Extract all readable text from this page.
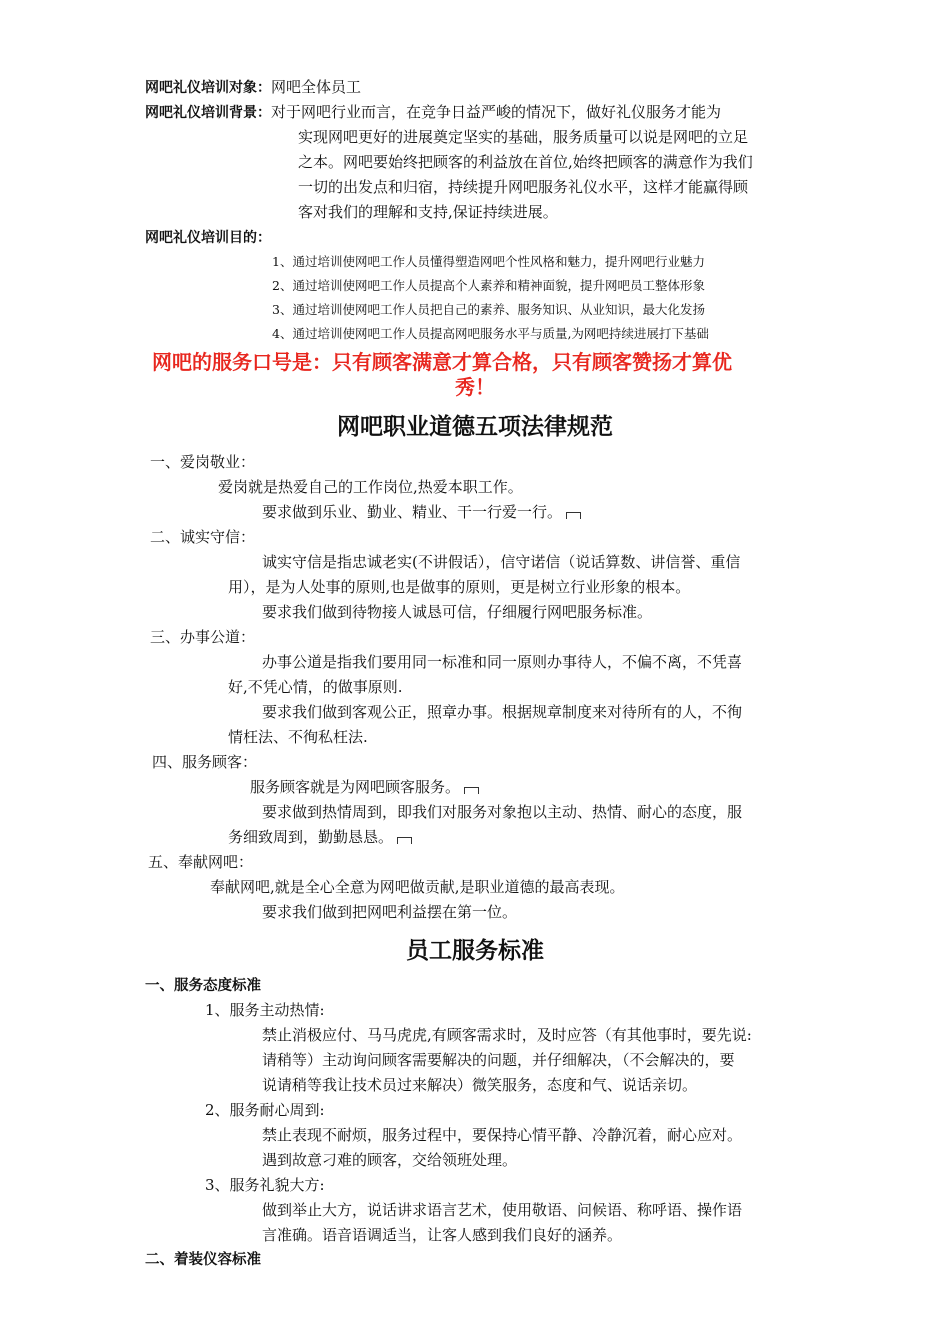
网吧礼仪培训对象：网吧全体员工
网吧礼仪培训背景：对于网吧行业而言，在竞争日益严峻的情况下，做好礼仪服务才能为
实现网吧更好的进展奠定坚实的基础，服务质量可以说是网吧的立足
之本。网吧要始终把顾客的利益放在首位,始终把顾客的满意作为我们
一切的出发点和归宿，持续提升网吧服务礼仪水平，这样才能赢得顾
客对我们的理解和支持,保证持续进展。
网吧礼仪培训目的：
1、通过培训使网吧工作人员懂得塑造网吧个性风格和魅力，提升网吧行业魅力
2、通过培训使网吧工作人员提高个人素养和精神面貌，提升网吧员工整体形象
3、通过培训使网吧工作人员把自己的素养、服务知识、从业知识，最大化发扬
4、通过培训使网吧工作人员提高网吧服务水平与质量,为网吧持续进展打下基础
网吧的服务口号是：只有顾客满意才算合格，只有顾客赞扬才算优
秀！
网吧职业道德五项法律规范
一、爱岗敬业：
爱岗就是热爱自己的工作岗位,热爱本职工作。
要求做到乐业、勤业、精业、干一行爱一行。
二、诚实守信：
诚实守信是指忠诚老实(不讲假话），信守诺信（说话算数、讲信誉、重信
用），是为人处事的原则,也是做事的原则，更是树立行业形象的根本。
要求我们做到待物接人诚恳可信，仔细履行网吧服务标准。
三、办事公道：
办事公道是指我们要用同一标准和同一原则办事待人，不偏不离，不凭喜
好,不凭心情，的做事原则.
要求我们做到客观公正，照章办事。根据规章制度来对待所有的人，不徇
情枉法、不徇私枉法.
四、服务顾客：
服务顾客就是为网吧顾客服务。
要求做到热情周到，即我们对服务对象抱以主动、热情、耐心的态度，服
务细致周到，勤勤恳恳。
五、奉献网吧：
奉献网吧,就是全心全意为网吧做贡献,是职业道德的最高表现。
要求我们做到把网吧利益摆在第一位。
员工服务标准
一、服务态度标准
1、服务主动热情:
禁止消极应付、马马虎虎,有顾客需求时，及时应答（有其他事时，要先说:
请稍等）主动询问顾客需要解决的问题，并仔细解决，（不会解决的，要
说请稍等我让技术员过来解决）微笑服务，态度和气、说话亲切。
2、服务耐心周到:
禁止表现不耐烦，服务过程中，要保持心情平静、冷静沉着，耐心应对。
遇到故意刁难的顾客，交给领班处理。
3、服务礼貌大方:
做到举止大方，说话讲求语言艺术，使用敬语、问候语、称呼语、操作语
言准确。语音语调适当，让客人感到我们良好的涵养。
二、着装仪容标准
